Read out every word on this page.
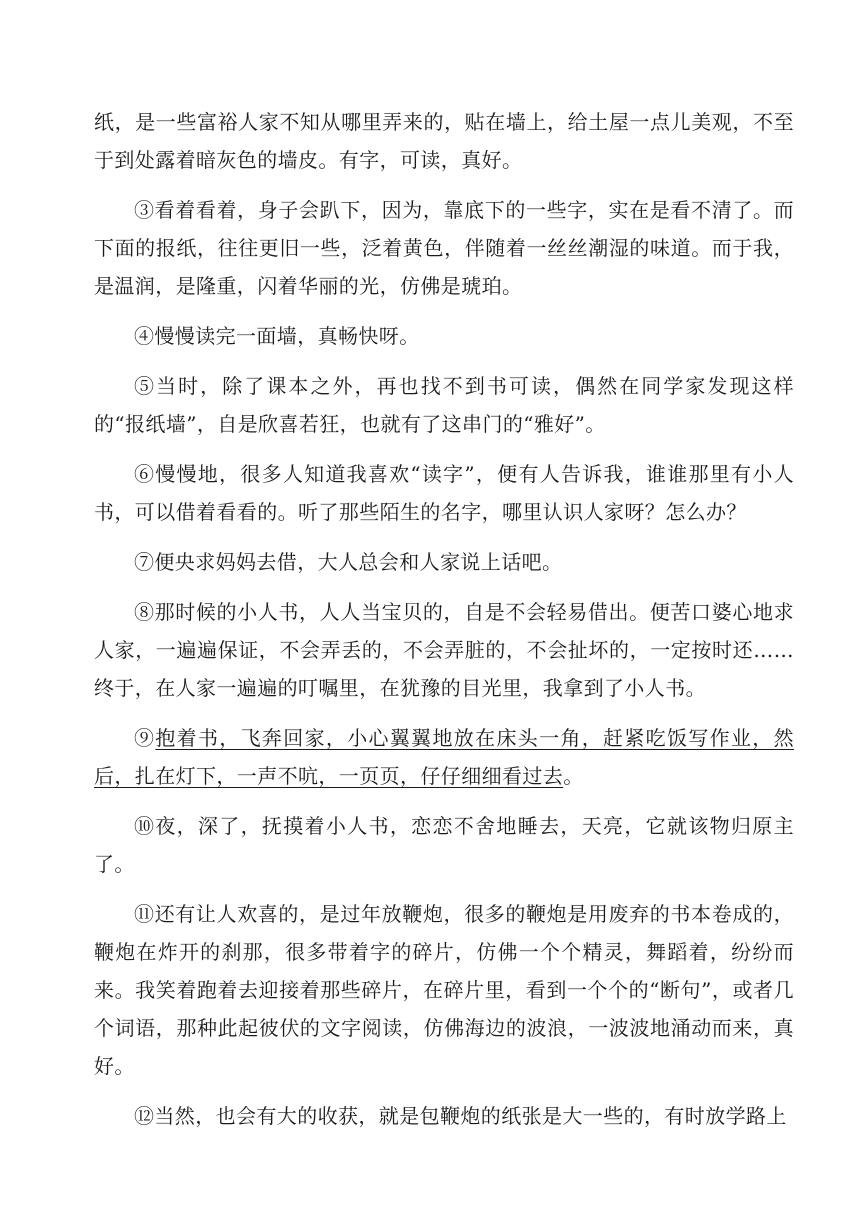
纸，是一些富裕人家不知从哪里弄来的，贴在墙上，给土屋一点儿美观，不至于到处露着暗灰色的墙皮。有字，可读，真好。

③看着看着，身子会趴下，因为，靠底下的一些字，实在是看不清了。而下面的报纸，往往更旧一些，泛着黄色，伴随着一丝丝潮湿的味道。而于我，是温润，是隆重，闪着华丽的光，仿佛是琥珀。

④慢慢读完一面墙，真畅快呀。

⑤当时，除了课本之外，再也找不到书可读，偶然在同学家发现这样的“报纸墙”，自是欣喜若狂，也就有了这串门的“雅好”。

⑥慢慢地，很多人知道我喜欢“读字”，便有人告诉我，谁谁那里有小人书，可以借着看看的。听了那些陌生的名字，哪里认识人家呀？怎么办？

⑦便央求妈妈去借，大人总会和人家说上话吧。

⑧那时候的小人书，人人当宝贝的，自是不会轻易借出。便苦口婆心地求人家，一遍遍保证，不会弄丢的，不会弄脏的，不会扯坏的，一定按时还……终于，在人家一遍遍的叮嘱里，在犹豫的目光里，我拿到了小人书。

⑨抱着书，飞奔回家，小心翼翼地放在床头一角，赶紧吃饭写作业，然后，扎在灯下，一声不吭，一页页，仔仔细细看过去。

⑩夜，深了，抚摸着小人书，恋恋不舍地睡去，天亮，它就该物归原主了。

⑪还有让人欢喜的，是过年放鞭炮，很多的鞭炮是用废弃的书本卷成的，鞭炮在炸开的刹那，很多带着字的碎片，仿佛一个个精灵，舞蹈着，纷纷而来。我笑着跑着去迎接着那些碎片，在碎片里，看到一个个的“断句”，或者几个词语，那种此起彼伏的文字阅读，仿佛海边的波浪，一波波地涌动而来，真好。

⑫当然，也会有大的收获，就是包鞭炮的纸张是大一些的，有时放学路上
